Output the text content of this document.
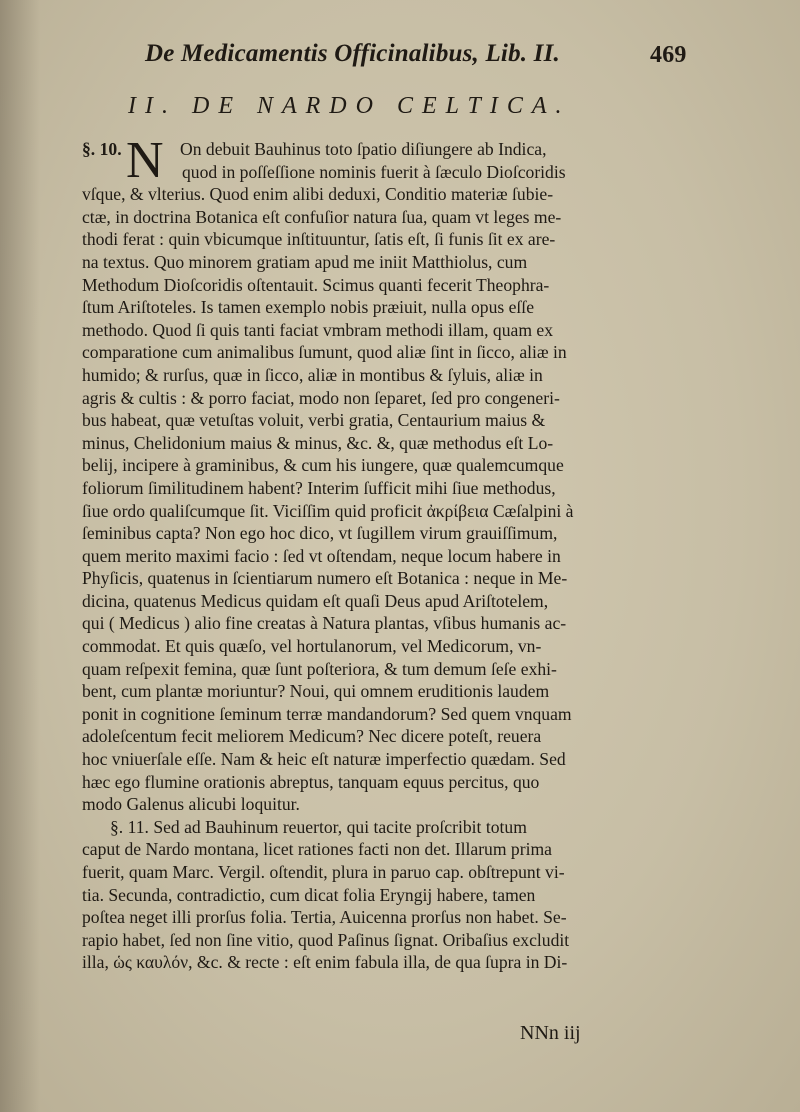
De Medicamentis Officinalibus, Lib. II.	469
II. DE NARDO CELTICA.
N
§. 10.	On debuit Bauhinus toto ſpatio diſiungere ab Indica,
quod in poſſeſſione nominis fuerit à ſæculo Dioſcoridis
vſque, & vlterius. Quod enim alibi deduxi, Conditio materiæ ſubie-
ctæ, in doctrina Botanica eſt confuſior natura ſua, quam vt leges me-
thodi ferat : quin vbicumque inſtituuntur, ſatis eſt, ſi funis ſit ex are-
na textus. Quo minorem gratiam apud me iniit Matthiolus, cum
Methodum Dioſcoridis oſtentauit. Scimus quanti fecerit Theophra-
ſtum Ariſtoteles. Is tamen exemplo nobis præiuit, nulla opus eſſe
methodo. Quod ſi quis tanti faciat vmbram methodi illam, quam ex
comparatione cum animalibus ſumunt, quod aliæ ſint in ſicco, aliæ in
humido; & rurſus, quæ in ſicco, aliæ in montibus & ſyluis, aliæ in
agris & cultis : & porro faciat, modo non ſeparet, ſed pro congeneri-
bus habeat, quæ vetuſtas voluit, verbi gratia, Centaurium maius &
minus, Chelidonium maius & minus, &c. &, quæ methodus eſt Lo-
belij, incipere à graminibus, & cum his iungere, quæ qualemcumque
foliorum ſimilitudinem habent? Interim ſufficit mihi ſiue methodus,
ſiue ordo qualiſcumque ſit. Viciſſim quid proficit ἀκρίβεια Cæſalpini à
ſeminibus capta? Non ego hoc dico, vt ſugillem virum grauiſſimum,
quem merito maximi facio : ſed vt oſtendam, neque locum habere in
Phyſicis, quatenus in ſcientiarum numero eſt Botanica : neque in Me-
dicina, quatenus Medicus quidam eſt quaſi Deus apud Ariſtotelem,
qui ( Medicus ) alio fine creatas à Natura plantas, vſibus humanis ac-
commodat. Et quis quæſo, vel hortulanorum, vel Medicorum, vn-
quam reſpexit femina, quæ ſunt poſteriora, & tum demum ſeſe exhi-
bent, cum plantæ moriuntur? Noui, qui omnem eruditionis laudem
ponit in cognitione ſeminum terræ mandandorum? Sed quem vnquam
adoleſcentum fecit meliorem Medicum? Nec dicere poteſt, reuera
hoc vniuerſale eſſe. Nam & heic eſt naturæ imperfectio quædam. Sed
hæc ego flumine orationis abreptus, tanquam equus percitus, quo
modo Galenus alicubi loquitur.
§. 11. Sed ad Bauhinum reuertor, qui tacite proſcribit totum
caput de Nardo montana, licet rationes facti non det. Illarum prima
fuerit, quam Marc. Vergil. oſtendit, plura in paruo cap. obſtrepunt vi-
tia. Secunda, contradictio, cum dicat folia Eryngij habere, tamen
poſtea neget illi prorſus folia. Tertia, Auicenna prorſus non habet. Se-
rapio habet, ſed non ſine vitio, quod Paſinus ſignat. Oribaſius excludit
illa, ὡς καυλόν, &c. & recte : eſt enim fabula illa, de qua ſupra in Di-
NNn iij
